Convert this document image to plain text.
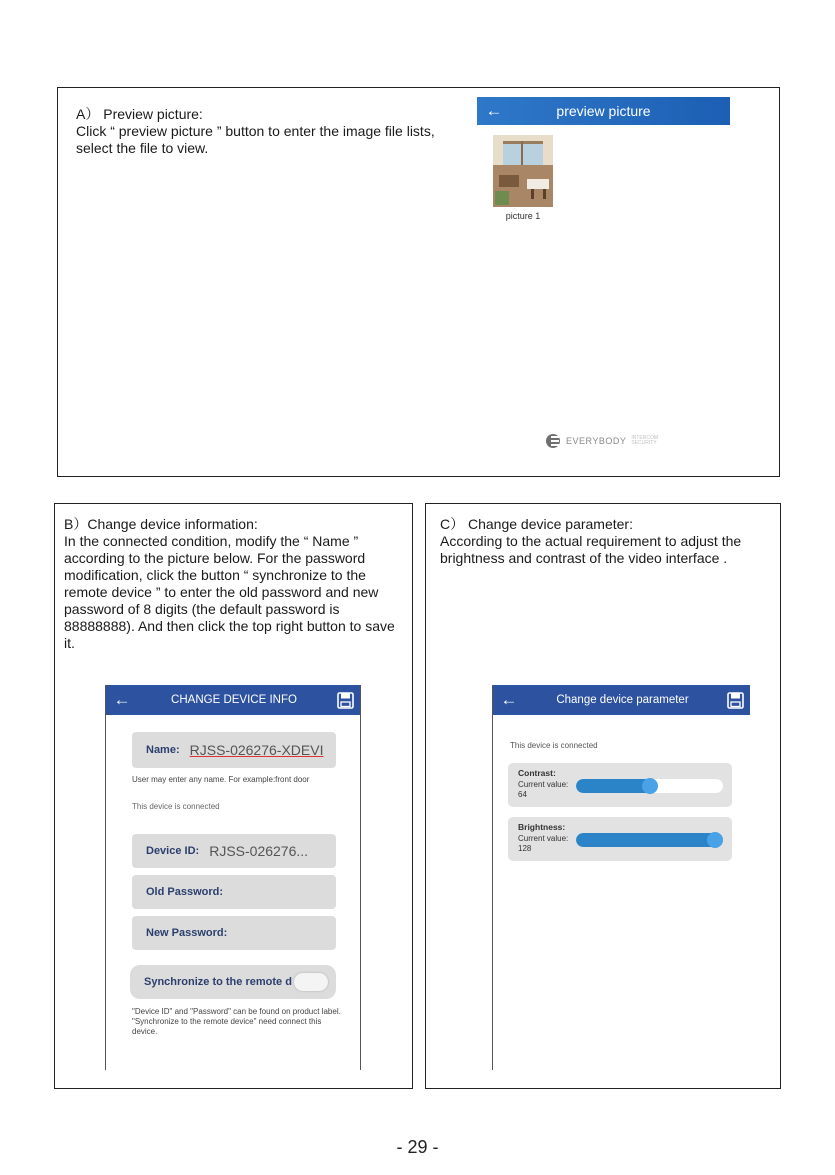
A） Preview picture:

Click “ preview picture ” button to enter the image file lists, select the file to view.

←	preview picture
picture 1
EVERYBODY INTERCOM SECURITY

B）Change device information:

In the connected condition, modify the “ Name ” according to the picture below. For the password modification, click the button “ synchronize to the remote device ” to enter the old password and new password of 8 digits (the default password is 88888888). And then click the top right button to save it.

←	CHANGE DEVICE INFO
Name: RJSS-026276-XDEVI
User may enter any name. For example:front door
This device is connected
Device ID: RJSS-026276...
Old Password:
New Password:
Synchronize to the remote d
"Device ID" and "Password" can be found on product label. "Synchronize to the remote device" need connect this device.

C） Change device parameter:

According to the actual requirement to adjust the brightness and contrast of the video interface .

←	Change device parameter
This device is connected
Contrast:
Current value:
64
Brightness:
Current value:
128
- 29 -
